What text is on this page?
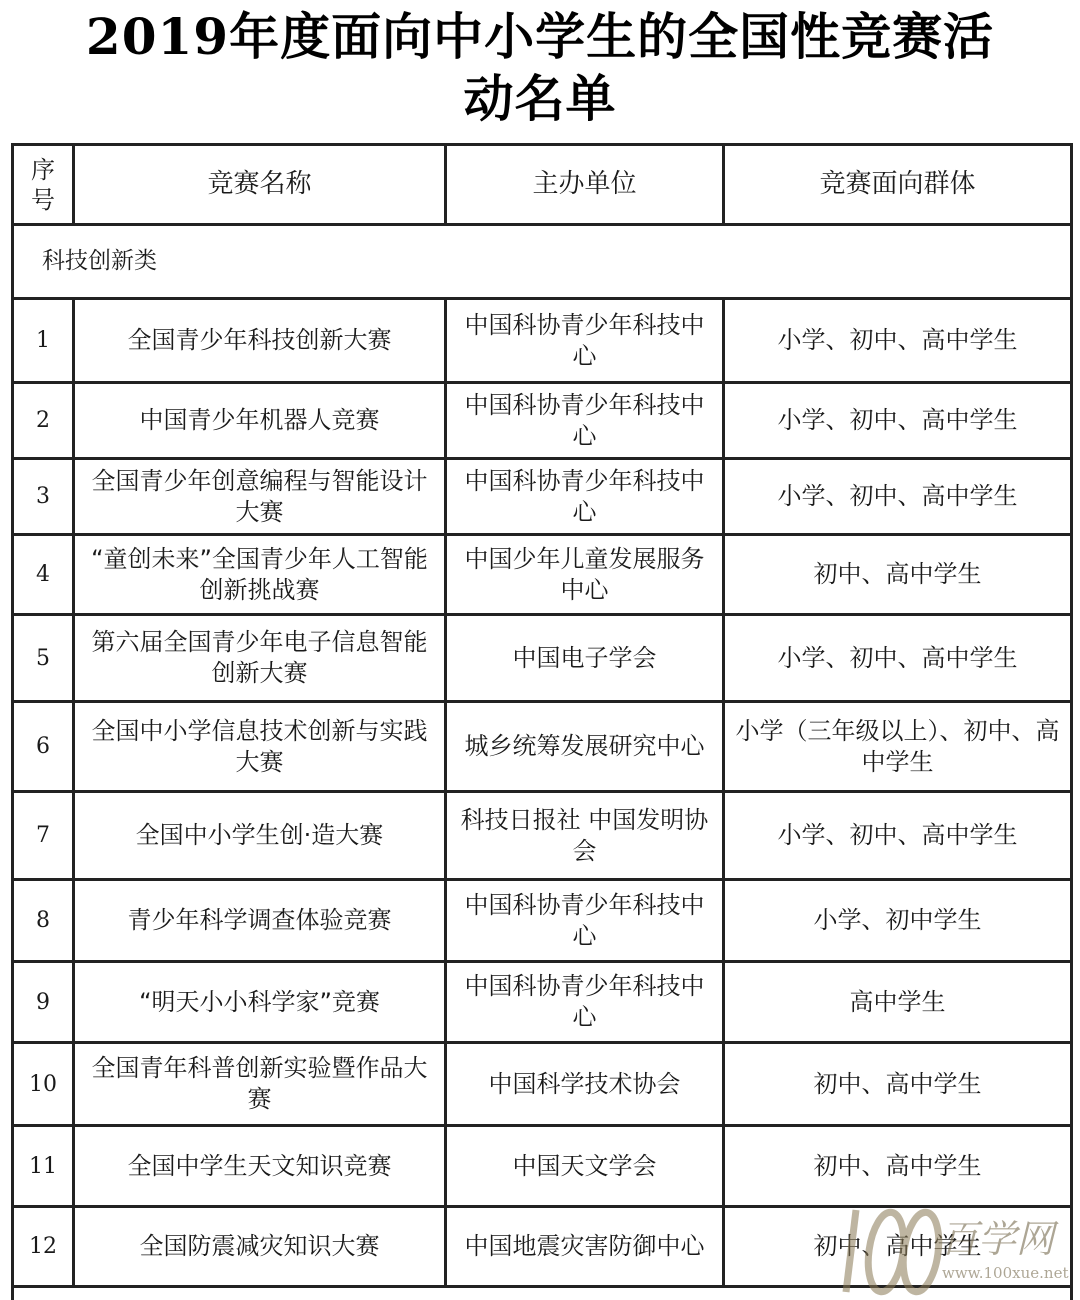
2019年度面向中小学生的全国性竞赛活
动名单
序号	竞赛名称	主办单位	竞赛面向群体
科技创新类			
1	全国青少年科技创新大赛	中国科协青少年科技中心	小学、初中、高中学生
2	中国青少年机器人竞赛	中国科协青少年科技中心	小学、初中、高中学生
3	全国青少年创意编程与智能设计大赛	中国科协青少年科技中心	小学、初中、高中学生
4	“童创未来”全国青少年人工智能创新挑战赛	中国少年儿童发展服务中心	初中、高中学生
5	第六届全国青少年电子信息智能创新大赛	中国电子学会	小学、初中、高中学生
6	全国中小学信息技术创新与实践大赛	城乡统筹发展研究中心	小学（三年级以上）、初中、高中学生
7	全国中小学生创·造大赛	科技日报社 中国发明协会	小学、初中、高中学生
8	青少年科学调查体验竞赛	中国科协青少年科技中心	小学、初中学生
9	“明天小小科学家”竞赛	中国科协青少年科技中心	高中学生
10	全国青年科普创新实验暨作品大赛	中国科学技术协会	初中、高中学生
11	全国中学生天文知识竞赛	中国天文学会	初中、高中学生
12	全国防震减灾知识大赛	中国地震灾害防御中心	初中、高中学生

百学网
www.100xue.net
